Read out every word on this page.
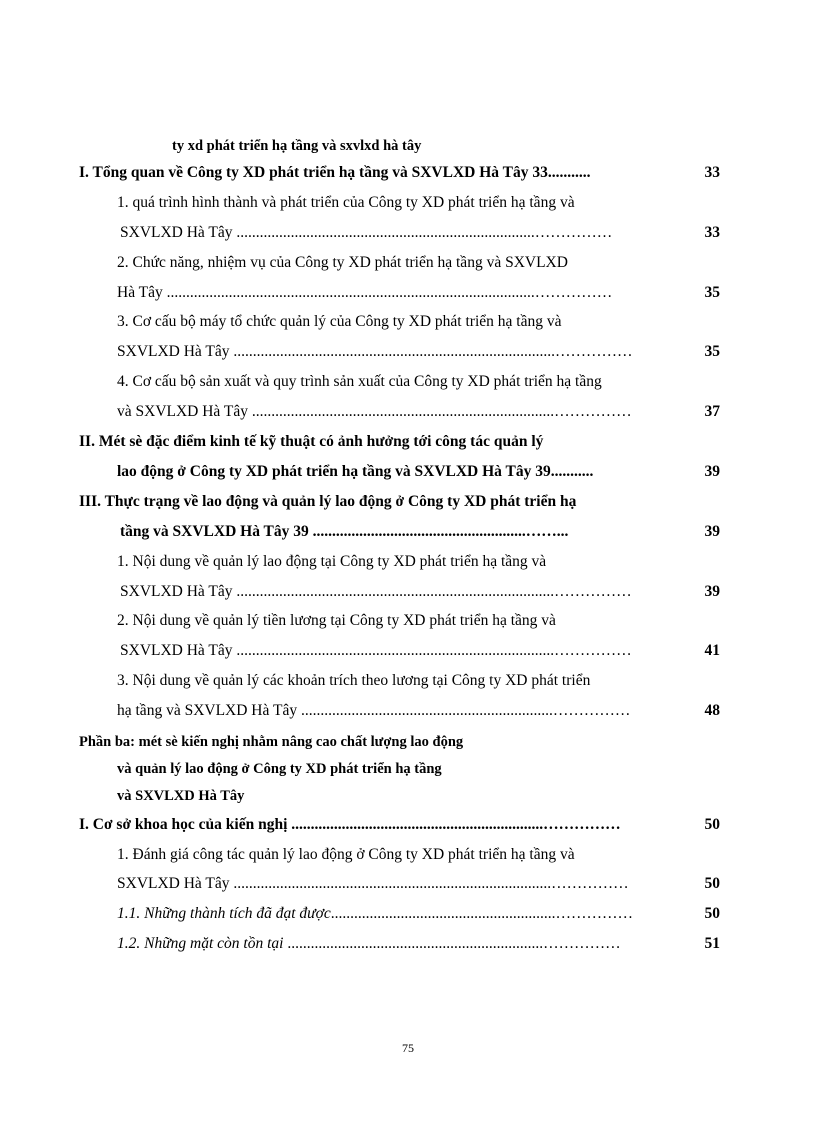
ty xd phát triển hạ tầng và sxvlxd hà tây
I. Tổng quan về Công ty XD phát triển hạ tầng và SXVLXD Hà Tây 33...........	33
1. quá trình hình thành và phát triển của Công ty XD phát triển hạ tầng và
SXVLXD Hà Tây .............................................................................……………	33
2. Chức năng, nhiệm vụ của Công ty XD phát triển hạ tầng và SXVLXD
Hà Tây ...............................................................................................……………	35
3. Cơ cấu bộ máy tổ chức quản lý của Công ty XD phát triển hạ tầng và
SXVLXD Hà Tây ...................................................................................……………	35
4. Cơ cấu bộ sản xuất và quy trình sản xuất của Công ty XD phát triển hạ tầng
và SXVLXD Hà Tây ..............................................................................……………	37
II. Mét sè đặc điểm kinh tế kỹ thuật có ảnh hưởng tới công tác quản lý
lao động ở Công ty XD phát triển hạ tầng và SXVLXD Hà Tây 39...........	39
III. Thực trạng về lao động và quản lý lao động ở Công ty XD phát triển hạ
tầng và SXVLXD Hà Tây 39 .......................................................……...	39
1. Nội dung về quản lý lao động tại Công ty XD phát triển hạ tầng và
SXVLXD Hà Tây ..................................................................................……………	39
2. Nội dung về quản lý tiền lương tại Công ty XD phát triển hạ tầng và
SXVLXD Hà Tây ..................................................................................……………	41
3. Nội dung về quản lý các khoản trích theo lương tại Công ty XD phát triển
hạ tầng và SXVLXD Hà Tây .................................................................……………	48
Phần ba: mét sè kiến nghị nhằm nâng cao chất lượng lao động
và quản lý lao động ở Công ty XD phát triển hạ tầng
và SXVLXD Hà Tây
I. Cơ sở khoa học của kiến nghị .................................................................……………	50
1. Đánh giá công tác quản lý lao động ở Công ty XD phát triển hạ tầng và
SXVLXD Hà Tây ..................................................................................……………	50
1.1. Những thành tích đã đạt được..........................................................……………	50
1.2. Những mặt còn tồn tại ..................................................................……………	51
75
